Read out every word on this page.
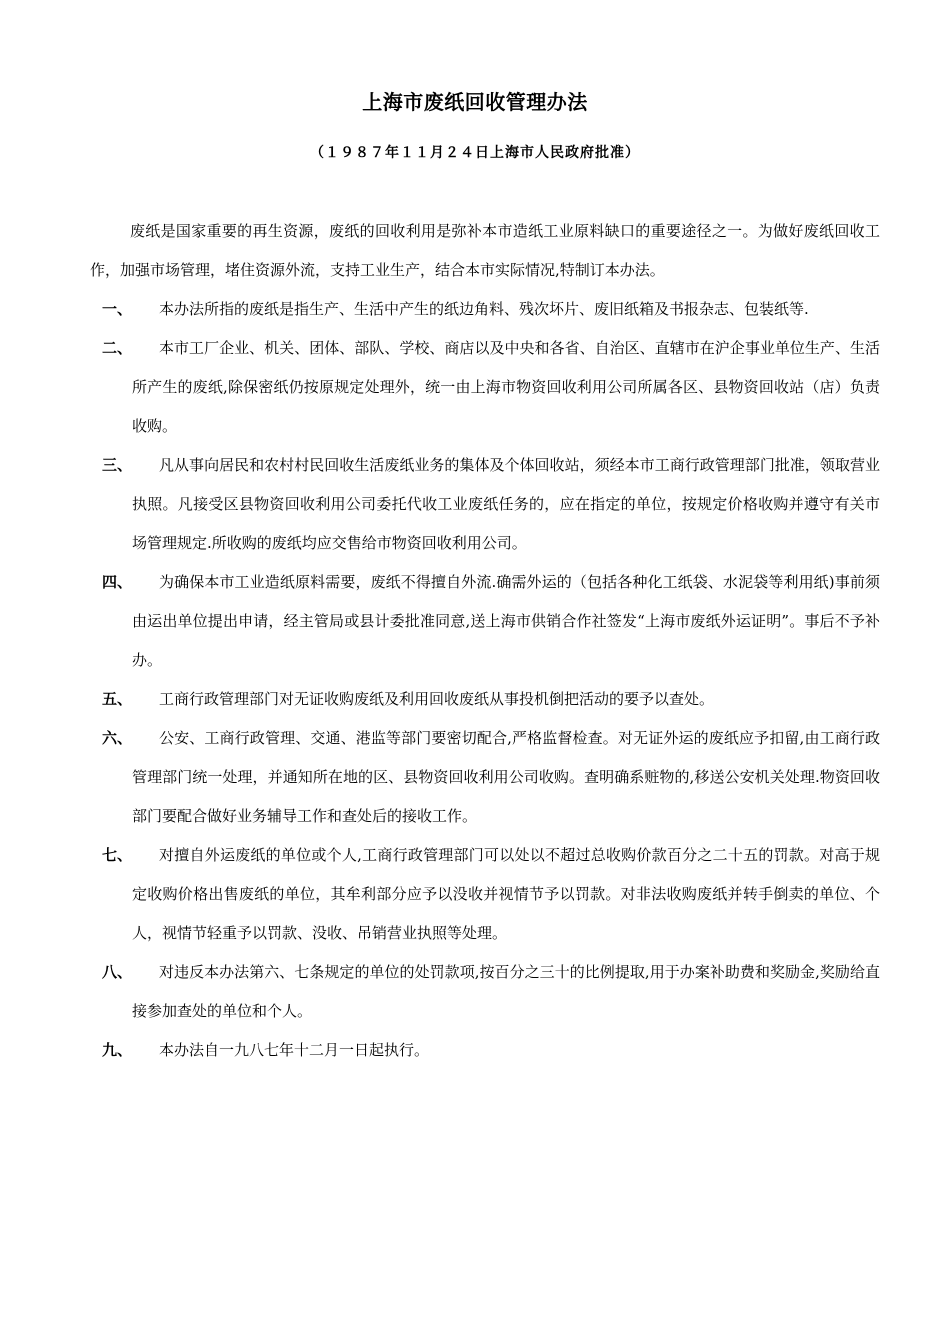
上海市废纸回收管理办法
（１９８７年１１月２４日上海市人民政府批准）
废纸是国家重要的再生资源，废纸的回收利用是弥补本市造纸工业原料缺口的重要途径之一。为做好废纸回收工作，加强市场管理，堵住资源外流，支持工业生产，结合本市实际情况,特制订本办法。
一、	本办法所指的废纸是指生产、生活中产生的纸边角料、残次坏片、废旧纸箱及书报杂志、包装纸等.
二、	本市工厂企业、机关、团体、部队、学校、商店以及中央和各省、自治区、直辖市在沪企事业单位生产、生活所产生的废纸,除保密纸仍按原规定处理外，统一由上海市物资回收利用公司所属各区、县物资回收站（店）负责收购。
三、	凡从事向居民和农村村民回收生活废纸业务的集体及个体回收站，须经本市工商行政管理部门批准，领取营业执照。凡接受区县物资回收利用公司委托代收工业废纸任务的，应在指定的单位，按规定价格收购并遵守有关市场管理规定.所收购的废纸均应交售给市物资回收利用公司。
四、	为确保本市工业造纸原料需要，废纸不得擅自外流.确需外运的（包括各种化工纸袋、水泥袋等利用纸)事前须由运出单位提出申请，经主管局或县计委批准同意,送上海市供销合作社签发“上海市废纸外运证明”。事后不予补办。
五、	工商行政管理部门对无证收购废纸及利用回收废纸从事投机倒把活动的要予以查处。
六、	公安、工商行政管理、交通、港监等部门要密切配合,严格监督检查。对无证外运的废纸应予扣留,由工商行政管理部门统一处理，并通知所在地的区、县物资回收利用公司收购。查明确系赃物的,移送公安机关处理.物资回收部门要配合做好业务辅导工作和查处后的接收工作。
七、	对擅自外运废纸的单位或个人,工商行政管理部门可以处以不超过总收购价款百分之二十五的罚款。对高于规定收购价格出售废纸的单位，其牟利部分应予以没收并视情节予以罚款。对非法收购废纸并转手倒卖的单位、个人，视情节轻重予以罚款、没收、吊销营业执照等处理。
八、	对违反本办法第六、七条规定的单位的处罚款项,按百分之三十的比例提取,用于办案补助费和奖励金,奖励给直接参加查处的单位和个人。
九、	本办法自一九八七年十二月一日起执行。
